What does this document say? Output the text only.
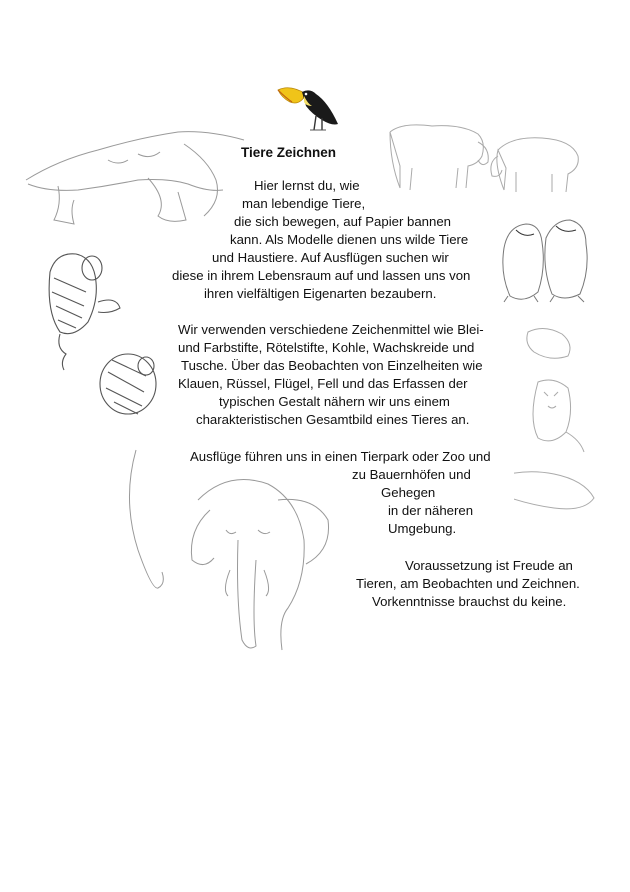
Tiere Zeichnen
Hier lernst du, wie
man lebendige Tiere,
die sich bewegen, auf Papier bannen
kann. Als Modelle dienen uns wilde Tiere
und Haustiere. Auf Ausflügen suchen wir
diese in ihrem Lebensraum auf und lassen uns von
ihren vielfältigen Eigenarten bezaubern.
Wir verwenden verschiedene Zeichenmittel wie Blei-
und Farbstifte, Rötelstifte, Kohle, Wachskreide und
Tusche. Über das Beobachten von Einzelheiten wie
Klauen, Rüssel, Flügel, Fell und das Erfassen der
typischen Gestalt nähern wir uns einem
charakteristischen Gesamtbild eines Tieres an.
Ausflüge führen uns in einen Tierpark oder Zoo und
zu Bauernhöfen und
Gehegen
in der näheren
Umgebung.
Voraussetzung ist Freude an
Tieren, am Beobachten und Zeichnen.
Vorkenntnisse brauchst du keine.
